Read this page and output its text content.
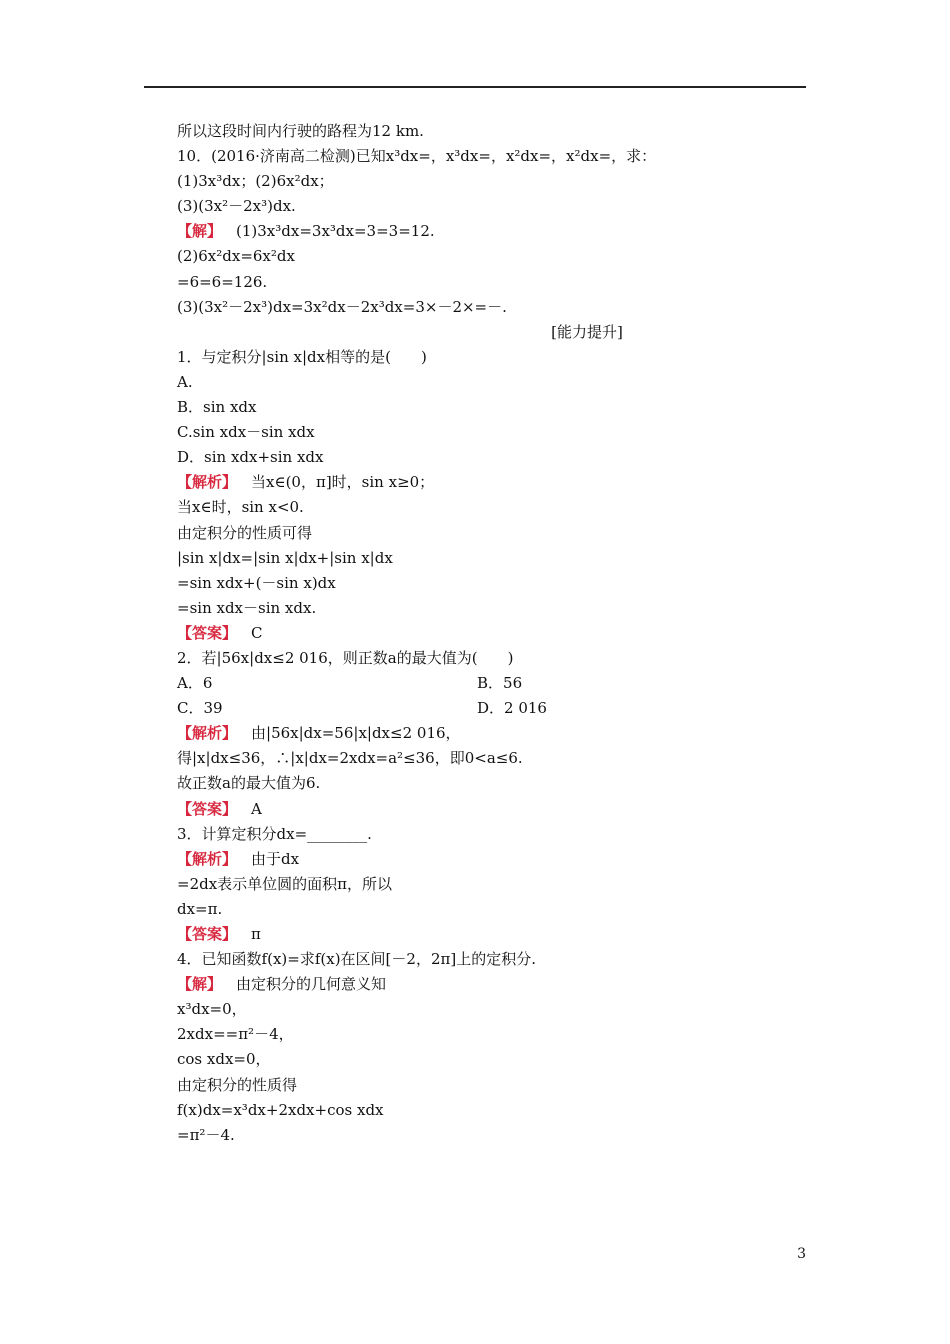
所以这段时间内行驶的路程为12 km.
10．(2016·济南高二检测)已知x³dx=，x³dx=，x²dx=，x²dx=，求：
(1)3x³dx；(2)6x²dx；
(3)(3x²－2x³)dx.
【解】 (1)3x³dx=3x³dx=3=3=12.
(2)6x²dx=6x²dx
=6=6=126.
(3)(3x²－2x³)dx=3x²dx－2x³dx=3×－2×=－.
[能力提升]
1．与定积分|sin x|dx相等的是(　　)
A.
B．sin xdx
C.sin xdx－sin xdx
D．sin xdx+sin xdx
【解析】 当x∈(0，π]时，sin x≥0；
当x∈时，sin x<0.
由定积分的性质可得
|sin x|dx=|sin x|dx+|sin x|dx
=sin xdx+(－sin x)dx
=sin xdx－sin xdx.
【答案】 C
2．若|56x|dx≤2 016，则正数a的最大值为(　　)
A．6	B．56
C．39	D．2 016
【解析】 由|56x|dx=56|x|dx≤2 016，
得|x|dx≤36，∴|x|dx=2xdx=a²≤36，即0<a≤6.
故正数a的最大值为6.
【答案】 A
3．计算定积分dx=________.
【解析】 由于dx
=2dx表示单位圆的面积π，所以
dx=π.
【答案】 π
4．已知函数f(x)=求f(x)在区间[－2，2π]上的定积分.
【解】 由定积分的几何意义知
x³dx=0，
2xdx==π²－4，
cos xdx=0，
由定积分的性质得
f(x)dx=x³dx+2xdx+cos xdx
=π²－4.
3
